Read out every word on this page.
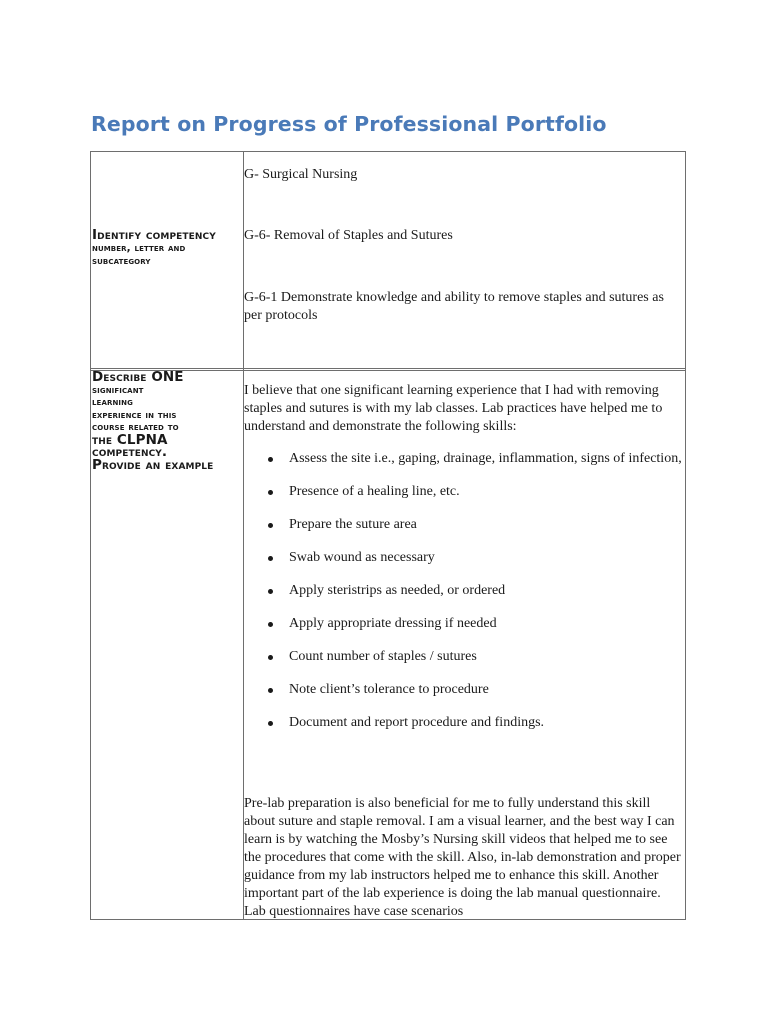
Report on Progress of Professional Portfolio
Identify competency
number, letter and
subcategory
G- Surgical Nursing
G-6- Removal of Staples and Sutures
G-6-1 Demonstrate knowledge and ability to remove staples and sutures as per protocols
Describe ONE
significant
learning
experience in this
course related to
the CLPNA
competency.
Provide an example
I believe that one significant learning experience that I had with removing staples and sutures is with my lab classes. Lab practices have helped me to understand and demonstrate the following skills:
Assess the site i.e., gaping, drainage, inflammation, signs of infection,
Presence of a healing line, etc.
Prepare the suture area
Swab wound as necessary
Apply steristrips as needed, or ordered
Apply appropriate dressing if needed
Count number of staples / sutures
Note client’s tolerance to procedure
Document and report procedure and findings.
Pre-lab preparation is also beneficial for me to fully understand this skill about suture and staple removal. I am a visual learner, and the best way I can learn is by watching the Mosby’s Nursing skill videos that helped me to see the procedures that come with the skill. Also, in-lab demonstration and proper guidance from my lab instructors helped me to enhance this skill. Another important part of the lab experience is doing the lab manual questionnaire. Lab questionnaires have case scenarios
